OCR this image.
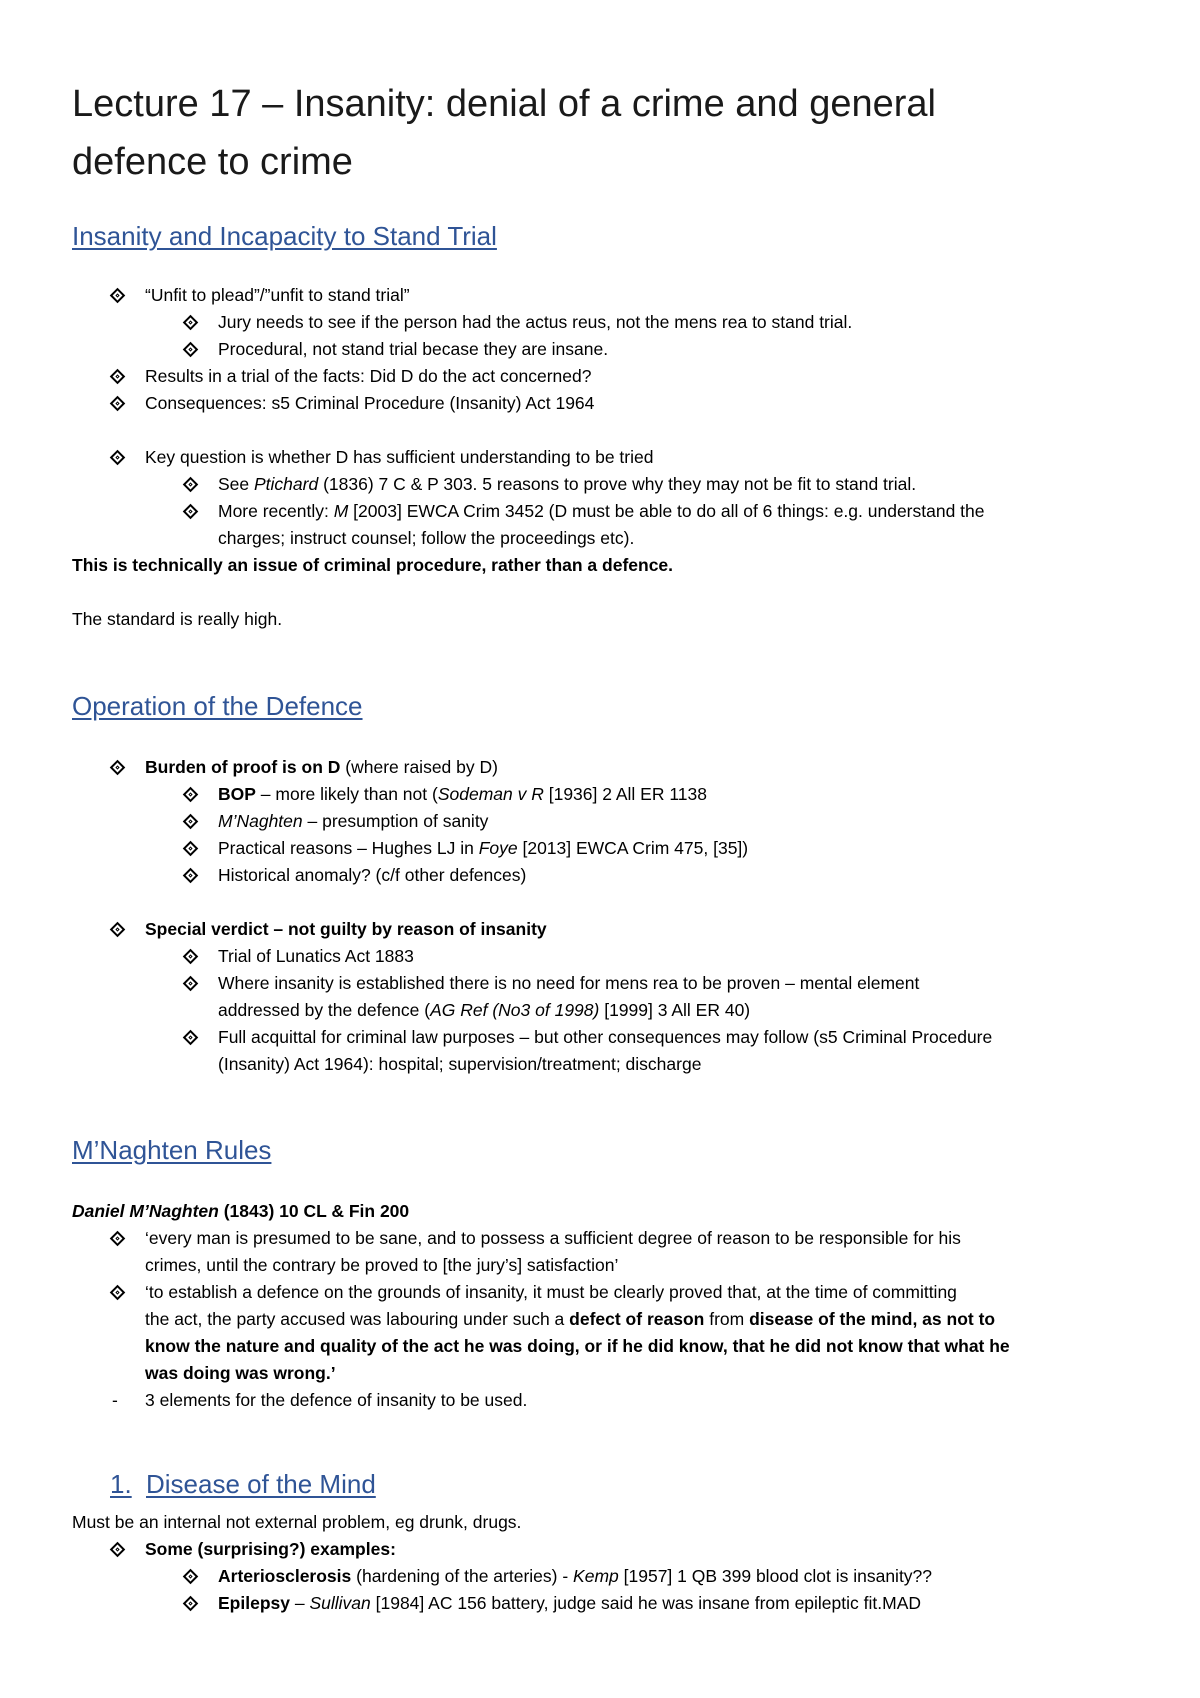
Lecture 17 – Insanity: denial of a crime and general
defence to crime
Insanity and Incapacity to Stand Trial
“Unfit to plead”/”unfit to stand trial”
Jury needs to see if the person had the actus reus, not the mens rea to stand trial.
Procedural, not stand trial becase they are insane.
Results in a trial of the facts: Did D do the act concerned?
Consequences: s5 Criminal Procedure (Insanity) Act 1964
Key question is whether D has sufficient understanding to be tried
See Ptichard (1836) 7 C & P 303. 5 reasons to prove why they may not be fit to stand trial.
More recently: M [2003] EWCA Crim 3452 (D must be able to do all of 6 things: e.g. understand the
charges; instruct counsel; follow the proceedings etc).
This is technically an issue of criminal procedure, rather than a defence.
The standard is really high.
Operation of the Defence
Burden of proof is on D (where raised by D)
BOP – more likely than not (Sodeman v R [1936] 2 All ER 1138
M’Naghten – presumption of sanity
Practical reasons – Hughes LJ in Foye [2013] EWCA Crim 475, [35])
Historical anomaly? (c/f other defences)
Special verdict – not guilty by reason of insanity
Trial of Lunatics Act 1883
Where insanity is established there is no need for mens rea to be proven – mental element
addressed by the defence (AG Ref (No3 of 1998) [1999] 3 All ER 40)
Full acquittal for criminal law purposes – but other consequences may follow (s5 Criminal Procedure
(Insanity) Act 1964): hospital; supervision/treatment; discharge
M’Naghten Rules
Daniel M’Naghten (1843) 10 CL & Fin 200
‘every man is presumed to be sane, and to possess a sufficient degree of reason to be responsible for his
crimes, until the contrary be proved to [the jury’s] satisfaction’
‘to establish a defence on the grounds of insanity, it must be clearly proved that, at the time of committing
the act, the party accused was labouring under such a defect of reason from disease of the mind, as not to
know the nature and quality of the act he was doing, or if he did know, that he did not know that what he
was doing was wrong.’
- 3 elements for the defence of insanity to be used.
1. Disease of the Mind
Must be an internal not external problem, eg drunk, drugs.
Some (surprising?) examples:
Arteriosclerosis (hardening of the arteries) - Kemp [1957] 1 QB 399 blood clot is insanity??
Epilepsy – Sullivan [1984] AC 156 battery, judge said he was insane from epileptic fit.MAD
